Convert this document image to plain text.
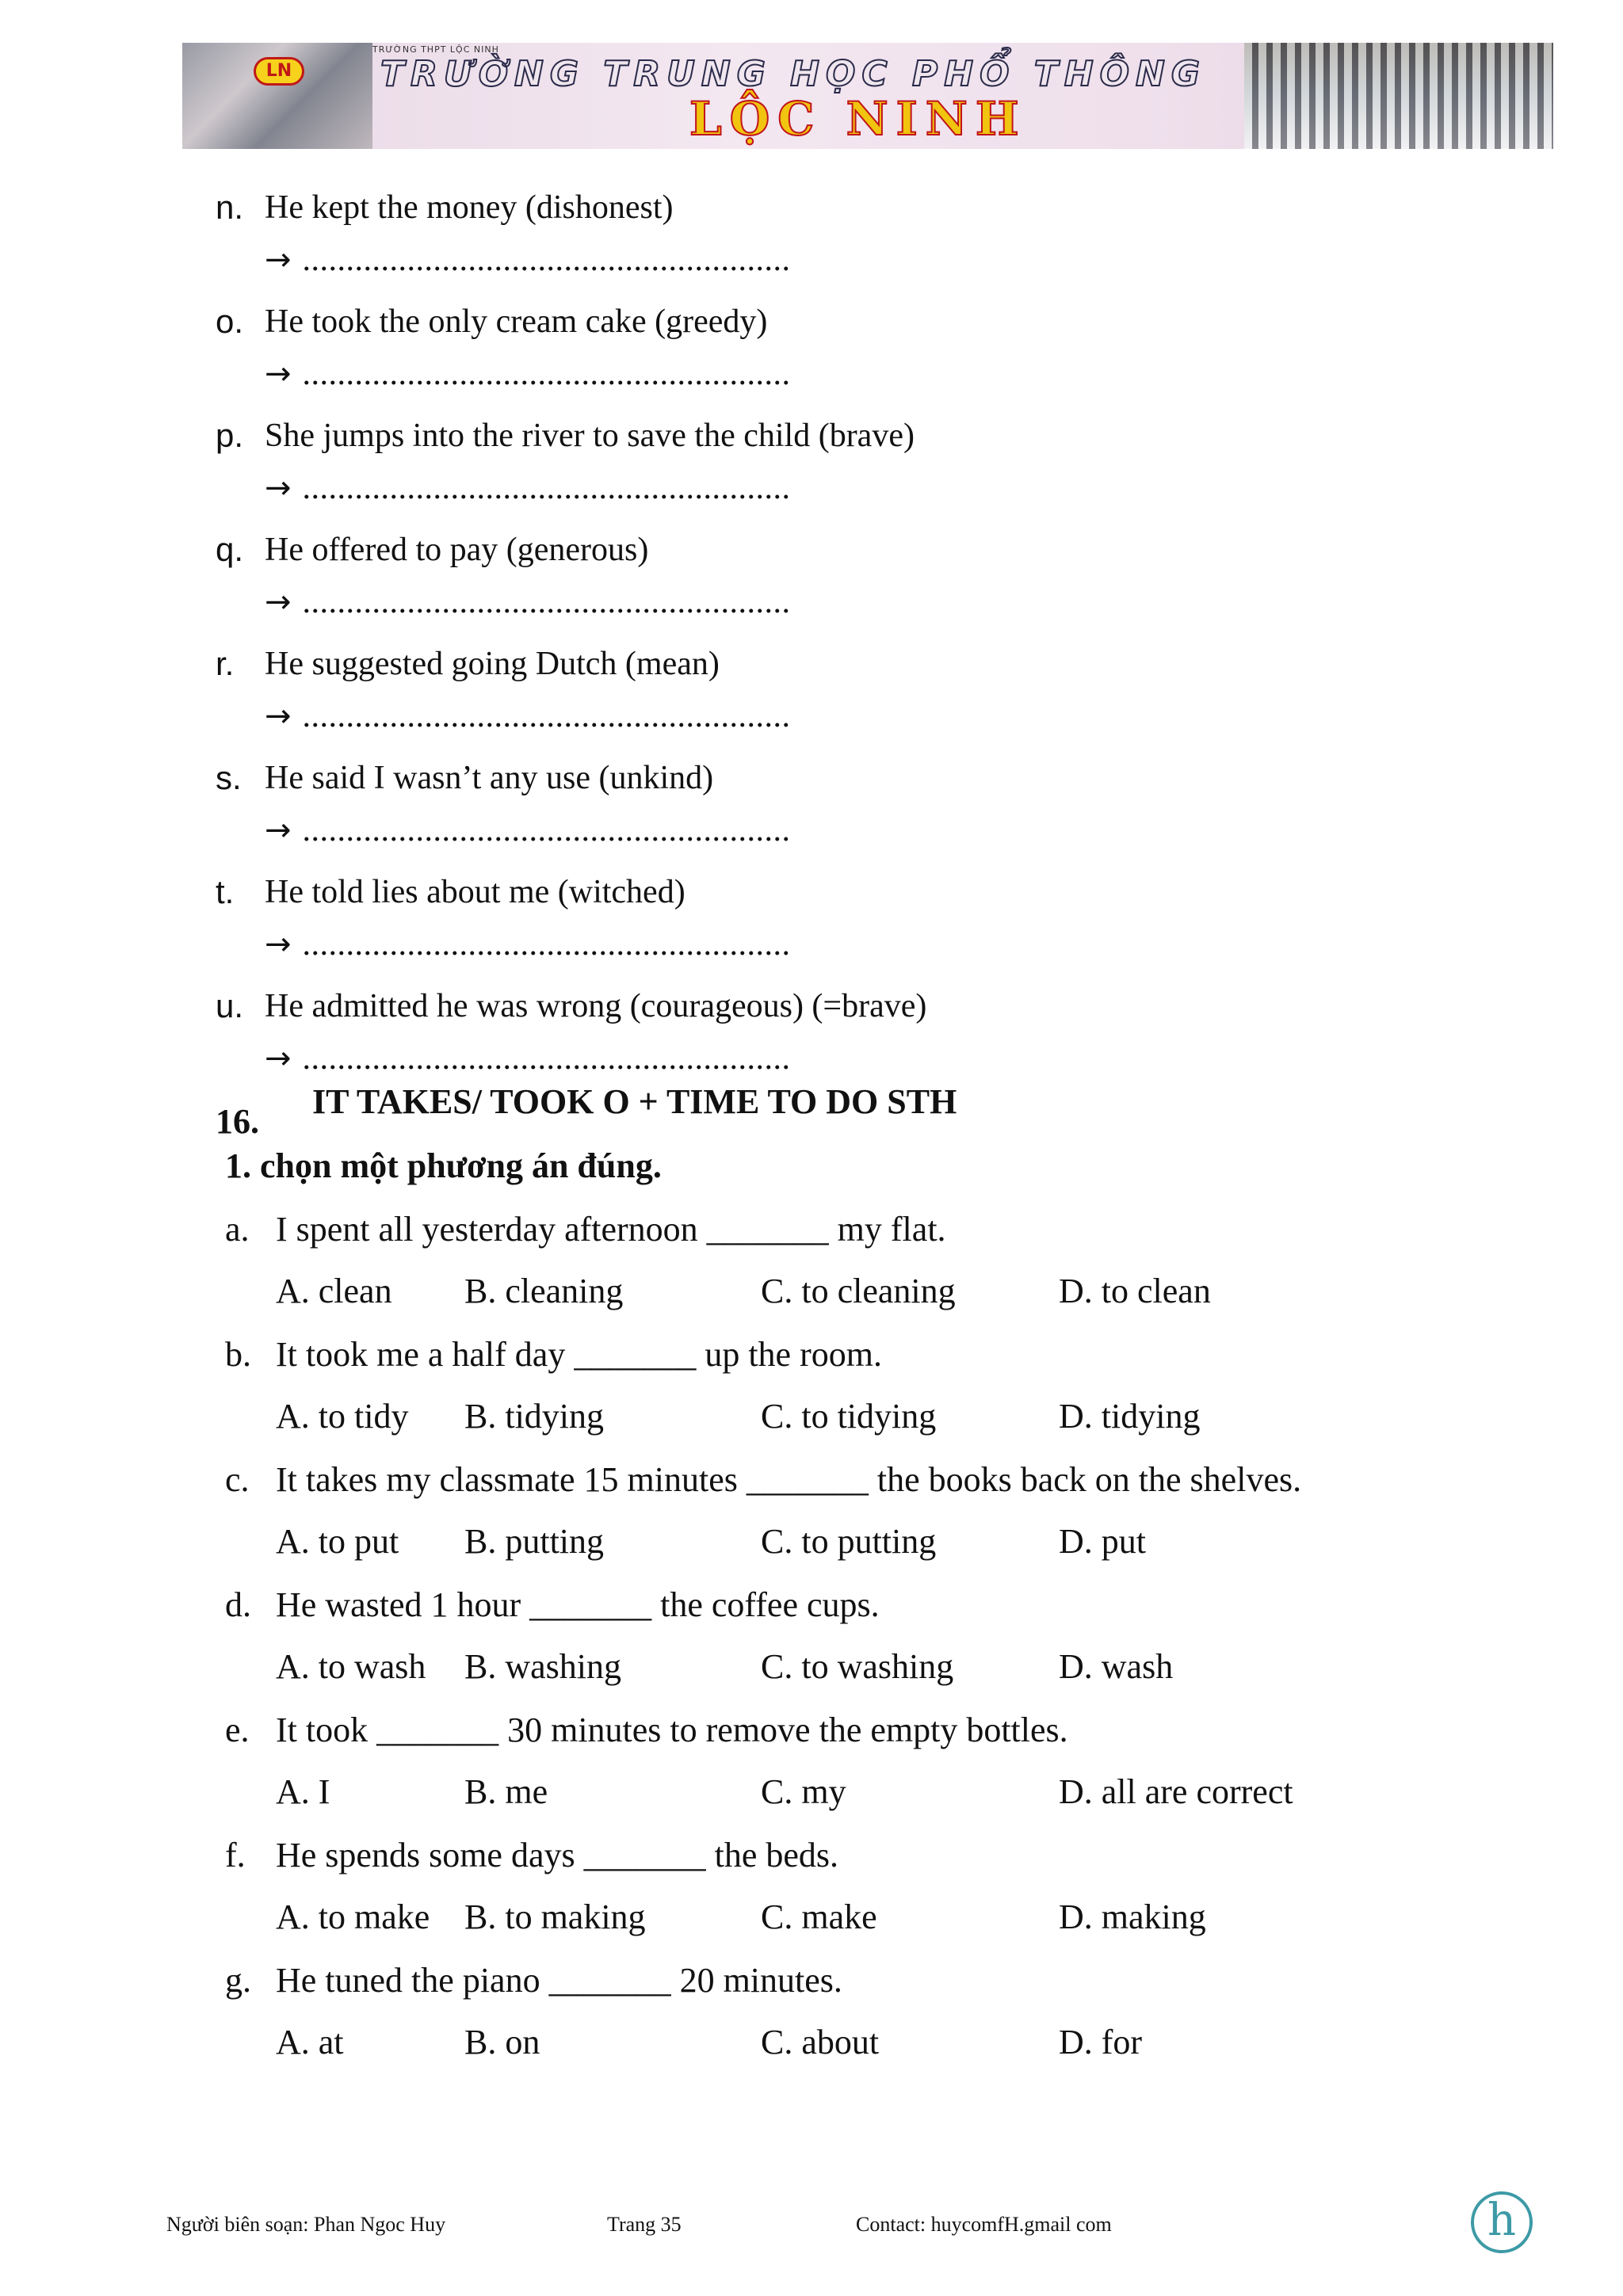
LN
TRƯỜNG THPT LỘC NINH
TRƯỜNG TRUNG HỌC PHỔ THÔNG
LỘC NINH
n. He kept the money (dishonest)
→ ........................................................
o. He took the only cream cake (greedy)
→ ........................................................
p. She jumps into the river to save the child (brave)
→ ........................................................
q. He offered to pay (generous)
→ ........................................................
r. He suggested going Dutch (mean)
→ ........................................................
s. He said I wasn’t any use (unkind)
→ ........................................................
t. He told lies about me (witched)
→ ........................................................
u. He admitted he was wrong (courageous) (=brave)
→ ........................................................
16.
IT TAKES/ TOOK O + TIME TO DO STH
1. chọn một phương án đúng.
a. I spent all yesterday afternoon _______ my flat.
A. clean B. cleaning	C. to cleaning	D. to clean
b. It took me a half day _______ up the room.
A. to tidy B. tidying	C. to tidying	D. tidying
c. It takes my classmate 15 minutes _______ the books back on the shelves.
A. to put B. putting	C. to putting	D. put
d. He wasted 1 hour _______ the coffee cups.
A. to wash B. washing	C. to washing	D. wash
e. It took _______ 30 minutes to remove the empty bottles.
A. I	B. me	C. my	D. all are correct
f. He spends some days _______ the beds.
A. to make B. to making	C. make	D. making
g. He tuned the piano _______ 20 minutes.
A. at	B. on	C. about	D. for
Người biên soạn: Phan Ngoc Huy	Trang 35	Contact: huycomfH.gmail com	h
